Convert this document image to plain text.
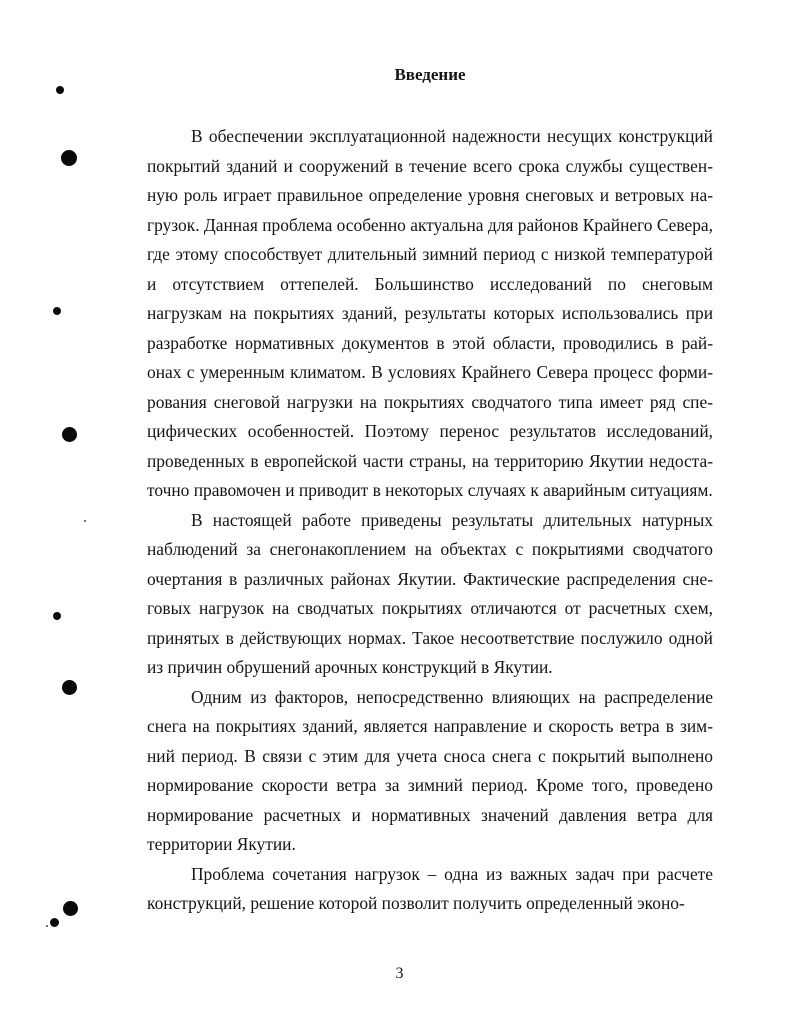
Введение

В обеспечении эксплуатационной надежности несущих конструкций покрытий зданий и сооружений в течение всего срока службы существенную роль играет правильное определение уровня снеговых и ветровых нагрузок. Данная проблема особенно актуальна для районов Крайнего Севера, где этому способствует длительный зимний период с низкой температурой и отсутствием оттепелей. Большинство исследований по снеговым нагрузкам на покрытиях зданий, результаты которых использовались при разработке нормативных документов в этой области, проводились в районах с умеренным климатом. В условиях Крайнего Севера процесс формирования снеговой нагрузки на покрытиях сводчатого типа имеет ряд специфических особенностей. Поэтому перенос результатов исследований, проведенных в европейской части страны, на территорию Якутии недостаточно правомочен и приводит в некоторых случаях к аварийным ситуациям.

В настоящей работе приведены результаты длительных натурных наблюдений за снегонакоплением на объектах с покрытиями сводчатого очертания в различных районах Якутии. Фактические распределения снеговых нагрузок на сводчатых покрытиях отличаются от расчетных схем, принятых в действующих нормах. Такое несоответствие послужило одной из причин обрушений арочных конструкций в Якутии.

Одним из факторов, непосредственно влияющих на распределение снега на покрытиях зданий, является направление и скорость ветра в зимний период. В связи с этим для учета сноса снега с покрытий выполнено нормирование скорости ветра за зимний период. Кроме того, проведено нормирование расчетных и нормативных значений давления ветра для территории Якутии.

Проблема сочетания нагрузок – одна из важных задач при расчете конструкций, решение которой позволит получить определенный эконо-

3
